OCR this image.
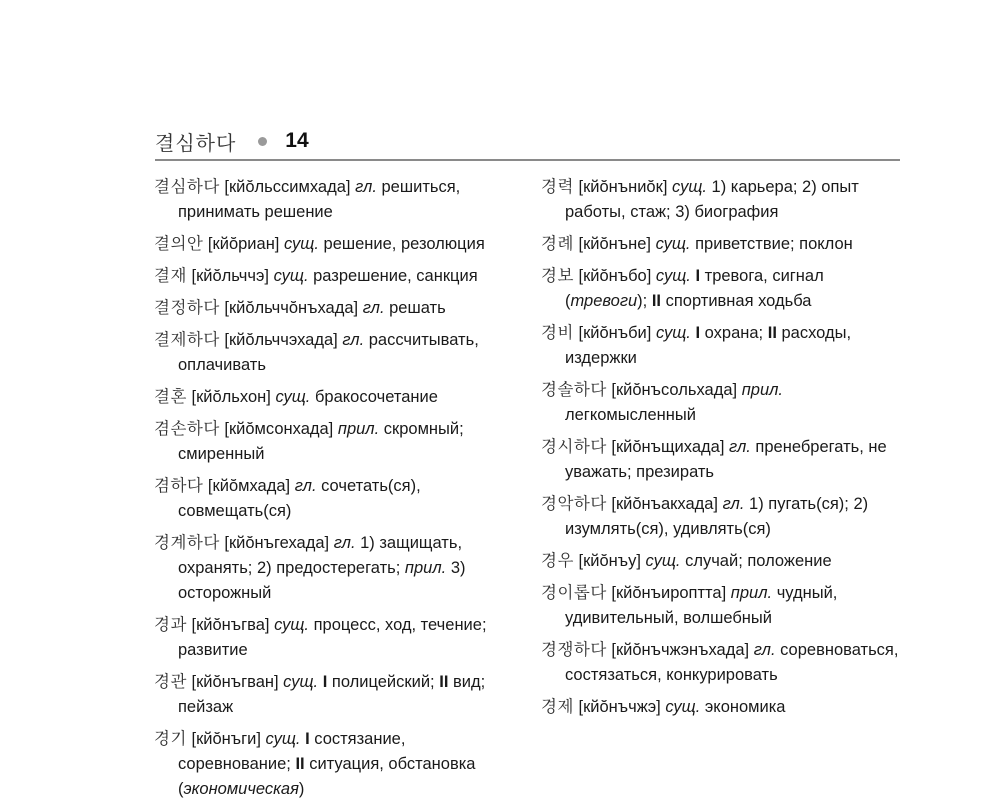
결심하다 14
결심하다 [кйŏльссимхада] гл. решиться, принимать решение
결의안 [кйŏриан] сущ. решение, резолюция
결재 [кйŏльччэ] сущ. разрешение, санкция
결정하다 [кйŏльччŏнъхада] гл. решать
결제하다 [кйŏльччэхада] гл. рассчитывать, оплачивать
결혼 [кйŏльхон] сущ. бракосочетание
겸손하다 [кйŏмсонхада] прил. скромный; смиренный
겸하다 [кйŏмхада] гл. сочетать(ся), совмещать(ся)
경계하다 [кйŏнъгехада] гл. 1) защищать, охранять; 2) предостерегать; прил. 3) осторожный
경과 [кйŏнъгва] сущ. процесс, ход, течение; развитие
경관 [кйŏнъгван] сущ. I полицейский; II вид; пейзаж
경기 [кйŏнъги] сущ. I состязание, соревнование; II ситуация, обстановка (экономическая)
경력 [кйŏнъниŏк] сущ. 1) карьера; 2) опыт работы, стаж; 3) биография
경례 [кйŏнъне] сущ. приветствие; поклон
경보 [кйŏнъбо] сущ. I тревога, сигнал (тревоги); II спортивная ходьба
경비 [кйŏнъби] сущ. I охрана; II расходы, издержки
경솔하다 [кйŏнъсольхада] прил. легкомысленный
경시하다 [кйŏнъщихада] гл. пренебрегать, не уважать; презирать
경악하다 [кйŏнъакхада] гл. 1) пугать(ся); 2) изумлять(ся), удивлять(ся)
경우 [кйŏнъу] сущ. случай; положение
경이롭다 [кйŏнъироптта] прил. чудный, удивительный, волшебный
경쟁하다 [кйŏнъчжэнъхада] гл. соревноваться, состязаться, конкурировать
경제 [кйŏнъчжэ] сущ. экономика
